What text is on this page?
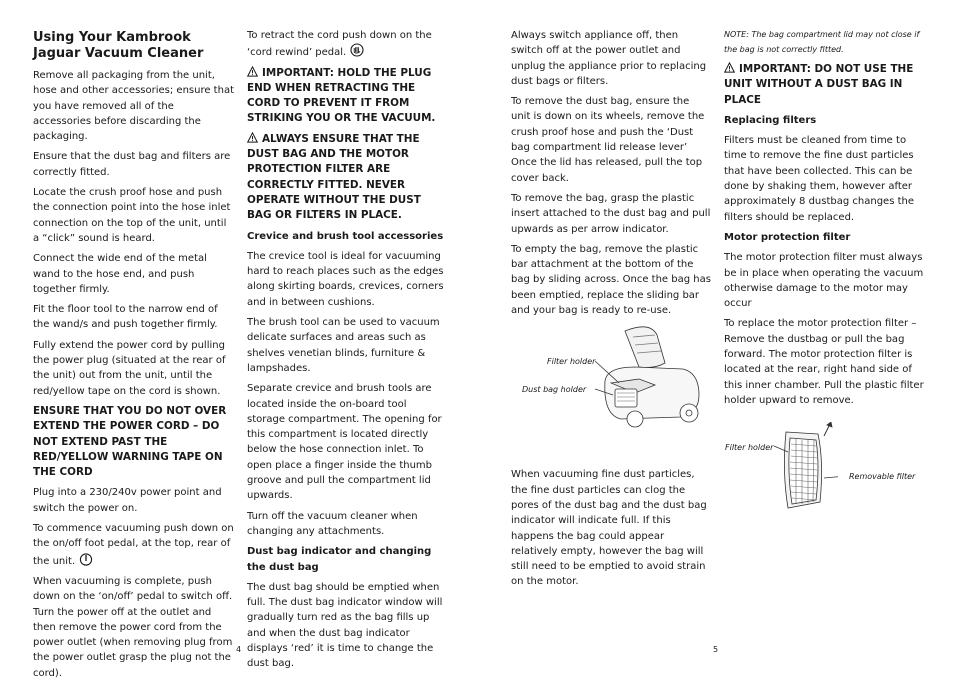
Using Your Kambrook Jaguar Vacuum Cleaner

Remove all packaging from the unit, hose and other accessories; ensure that you have removed all of the accessories before discarding the packaging.

Ensure that the dust bag and filters are correctly fitted.

Locate the crush proof hose and push the connection point into the hose inlet connection on the top of the unit, until a “click” sound is heard.

Connect the wide end of the metal wand to the hose end, and push together firmly.

Fit the floor tool to the narrow end of the wand/s and push together firmly.

Fully extend the power cord by pulling the power plug (situated at the rear of the unit) out from the unit, until the red/yellow tape on the cord is shown.

ENSURE THAT YOU DO NOT OVER EXTEND THE POWER CORD – DO NOT EXTEND PAST THE RED/YELLOW WARNING TAPE ON THE CORD

Plug into a 230/240v power point and switch the power on.

To commence vacuuming push down on the on/off foot pedal, at the top, rear of the unit.

When vacuuming is complete, push down on the ‘on/off’ pedal to switch off. Turn the power off at the outlet and then remove the power cord from the power outlet (when removing plug from the power outlet grasp the plug not the cord).

To retract the cord push down on the ‘cord rewind’ pedal.

IMPORTANT: HOLD THE PLUG END WHEN RETRACTING THE CORD TO PREVENT IT FROM STRIKING YOU OR THE VACUUM.

ALWAYS ENSURE THAT THE DUST BAG AND THE MOTOR PROTECTION FILTER ARE CORRECTLY FITTED. NEVER OPERATE WITHOUT THE DUST BAG OR FILTERS IN PLACE.

Crevice and brush tool accessories

The crevice tool is ideal for vacuuming hard to reach places such as the edges along skirting boards, crevices, corners and in between cushions.

The brush tool can be used to vacuum delicate surfaces and areas such as shelves venetian blinds, furniture & lampshades.

Separate crevice and brush tools are located inside the on-board tool storage compartment. The opening for this compartment is located directly below the hose connection inlet. To open place a finger inside the thumb groove and pull the compartment lid upwards.

Turn off the vacuum cleaner when changing any attachments.

Dust bag indicator and changing the dust bag

The dust bag should be emptied when full. The dust bag indicator window will gradually turn red as the bag fills up and when the dust bag indicator displays ‘red’ it is time to change the dust bag.

Always switch appliance off, then switch off at the power outlet and unplug the appliance prior to replacing dust bags or filters.

To remove the dust bag, ensure the unit is down on its wheels, remove the crush proof hose and push the ‘Dust bag compartment lid release lever’ Once the lid has released, pull the top cover back.

To remove the bag, grasp the plastic insert attached to the dust bag and pull upwards as per arrow indicator.

To empty the bag, remove the plastic bar attachment at the bottom of the bag by sliding across. Once the bag has been emptied, replace the sliding bar and your bag is ready to re-use.

Filter holder
Dust bag holder

When vacuuming fine dust particles, the fine dust particles can clog the pores of the dust bag and the dust bag indicator will indicate full. If this happens the bag could appear relatively empty, however the bag will still need to be emptied to avoid strain on the motor.

NOTE: The bag compartment lid may not close if the bag is not correctly fitted.

IMPORTANT: DO NOT USE THE UNIT WITHOUT A DUST BAG IN PLACE

Replacing filters

Filters must be cleaned from time to time to remove the fine dust particles that have been collected. This can be done by shaking them, however after approximately 8 dustbag changes the filters should be replaced.

Motor protection filter

The motor protection filter must always be in place when operating the vacuum otherwise damage to the motor may occur

To replace the motor protection filter – Remove the dustbag or pull the bag forward. The motor protection filter is located at the rear, right hand side of this inner chamber. Pull the plastic filter holder upward to remove.

Filter holder
Removable filter
4	5
